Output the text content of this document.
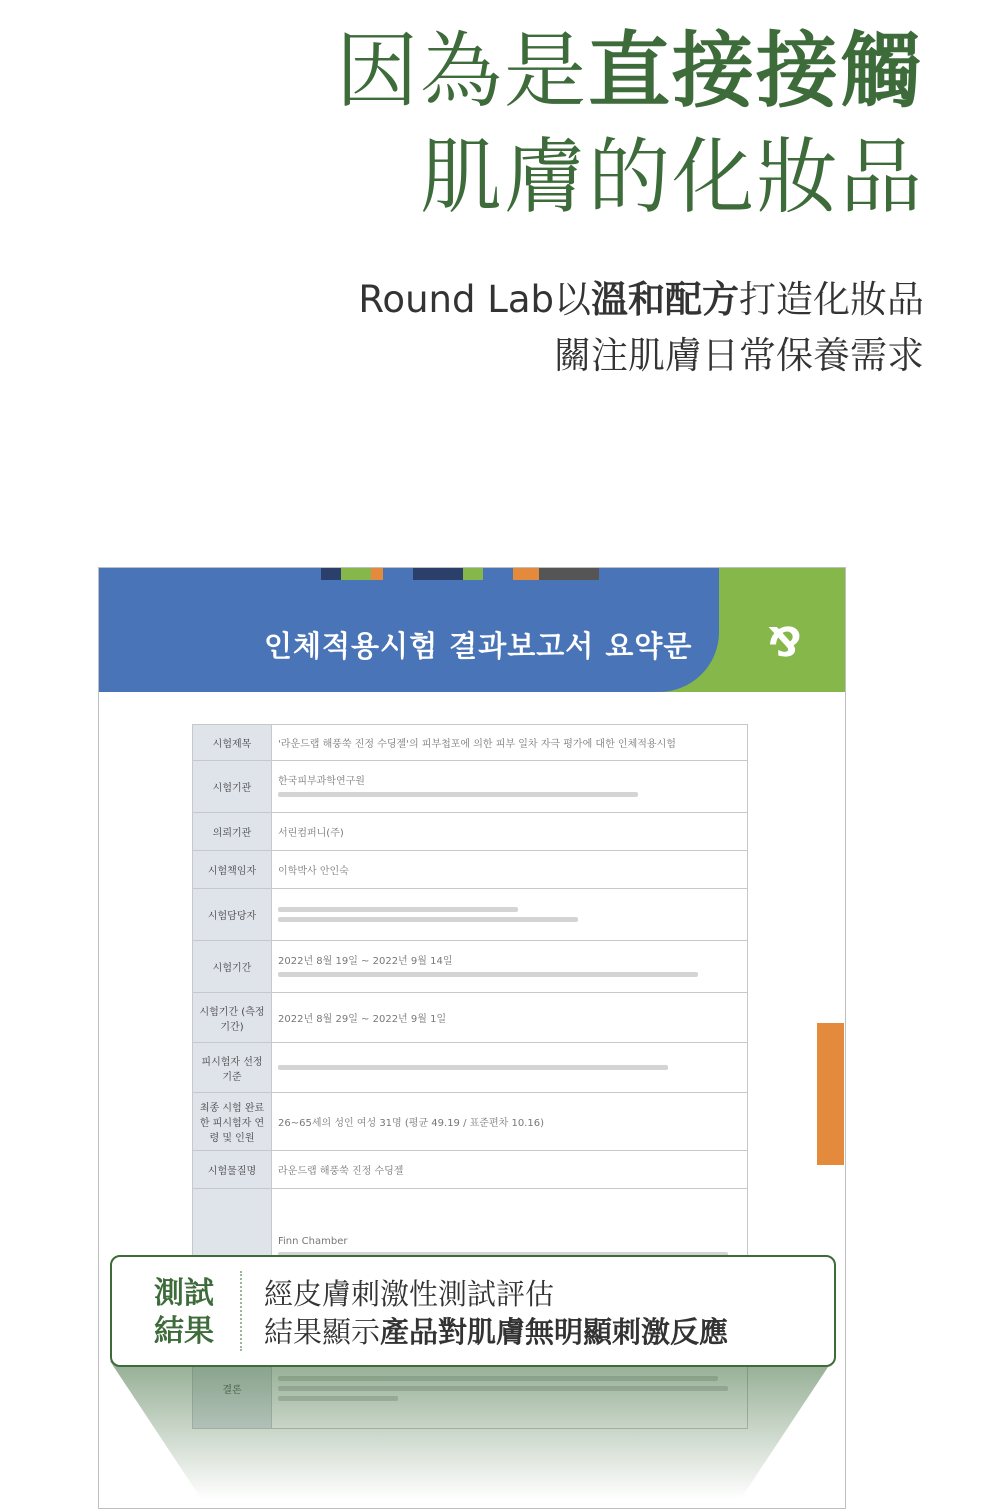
因為是直接接觸
肌膚的化妝品
Round Lab以溫和配方打造化妝品
關注肌膚日常保養需求
인체적용시험 결과보고서 요약문 ⅋
시험제목	'라운드랩 해풍쑥 진정 수딩젤'의 피부첩포에 의한 피부 일차 자극 평가에 대한 인체적용시험
시험기관	한국피부과학연구원

의뢰기관	서린컴퍼니(주)
시험책임자	이학박사 안인숙
시험담당자	

시험기간	2022년 8월 19일 ~ 2022년 9월 14일

시험기간 (측정기간)	2022년 8월 29일 ~ 2022년 9월 1일
피시험자 선정기준	

최종 시험 완료한 피시험자 연령 및 인원	26~65세의 성인 여성 31명 (평균 49.19 / 표준편차 10.16)
시험물질명	라운드랩 해풍쑥 진정 수딩젤

Finn Chamber

測試
結果
經皮膚刺激性測試評估
結果顯示產品對肌膚無明顯刺激反應
